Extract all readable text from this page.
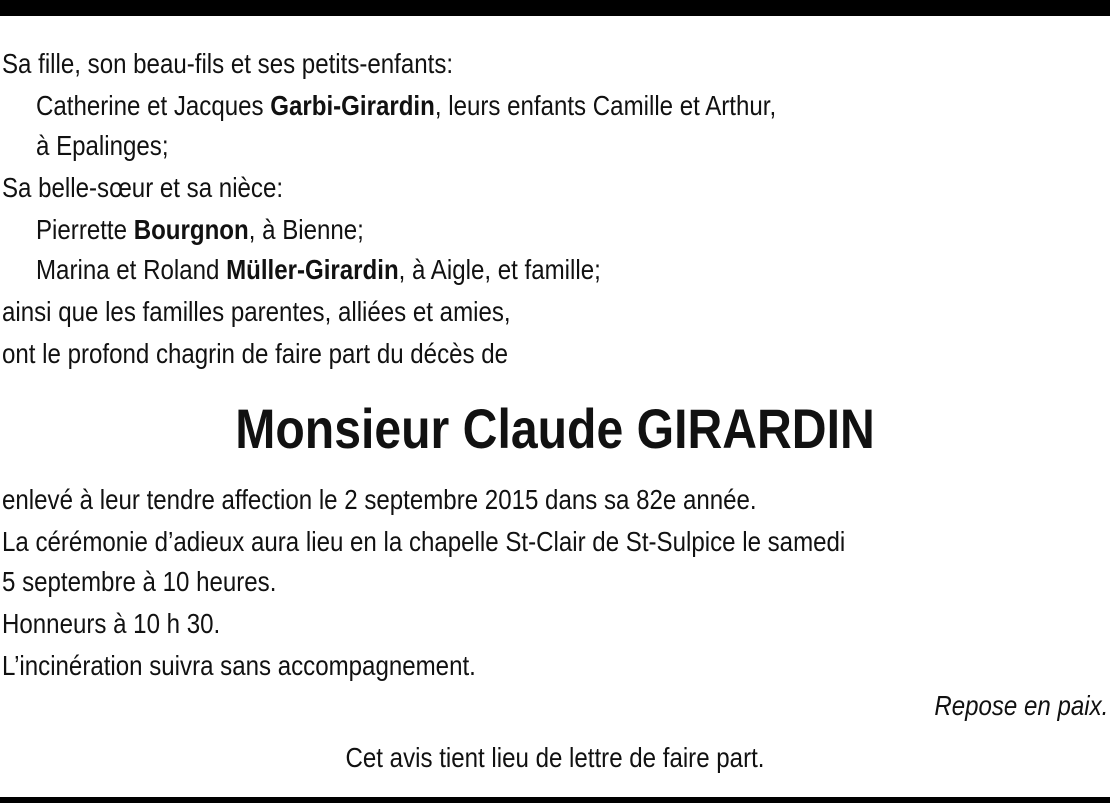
Sa fille, son beau-fils et ses petits-enfants:
Catherine et Jacques Garbi-Girardin, leurs enfants Camille et Arthur,
à Epalinges;
Sa belle-sœur et sa nièce:
Pierrette Bourgnon, à Bienne;
Marina et Roland Müller-Girardin, à Aigle, et famille;
ainsi que les familles parentes, alliées et amies,
ont le profond chagrin de faire part du décès de
Monsieur Claude GIRARDIN
enlevé à leur tendre affection le 2 septembre 2015 dans sa 82e année.
La cérémonie d’adieux aura lieu en la chapelle St-Clair de St-Sulpice le samedi
5 septembre à 10 heures.
Honneurs à 10 h 30.
L’incinération suivra sans accompagnement.
Repose en paix.
Cet avis tient lieu de lettre de faire part.
